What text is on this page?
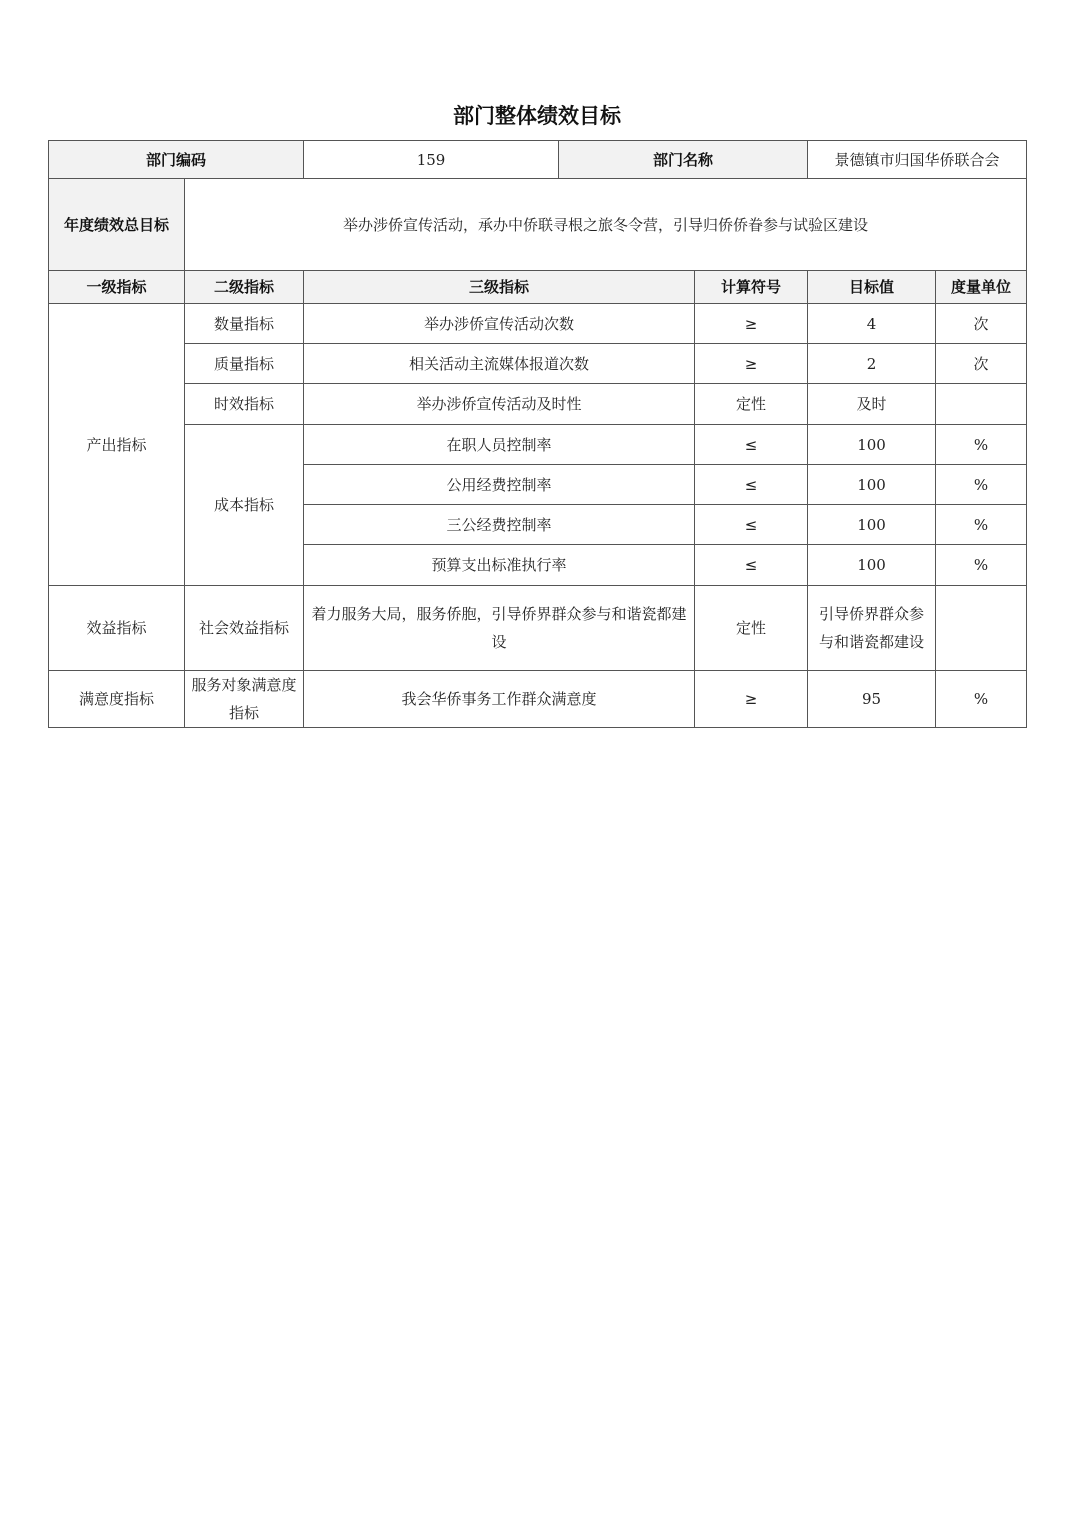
部门整体绩效目标
部门编码		159	部门名称		景德镇市归国华侨联合会	
年度绩效总目标	举办涉侨宣传活动，承办中侨联寻根之旅冬令营，引导归侨侨眷参与试验区建设					
一级指标	二级指标	三级指标		计算符号	目标值	度量单位
产出指标	数量指标	举办涉侨宣传活动次数		≥	4	次
	质量指标	相关活动主流媒体报道次数		≥	2	次
	时效指标	举办涉侨宣传活动及时性		定性	及时	
	成本指标	在职人员控制率		≤	100	%
		公用经费控制率		≤	100	%
		三公经费控制率		≤	100	%
		预算支出标准执行率		≤	100	%
效益指标	社会效益指标	着力服务大局，服务侨胞，引导侨界群众参与和谐瓷都建设		定性	引导侨界群众参与和谐瓷都建设	
满意度指标	服务对象满意度指标	我会华侨事务工作群众满意度		≥	95	%
